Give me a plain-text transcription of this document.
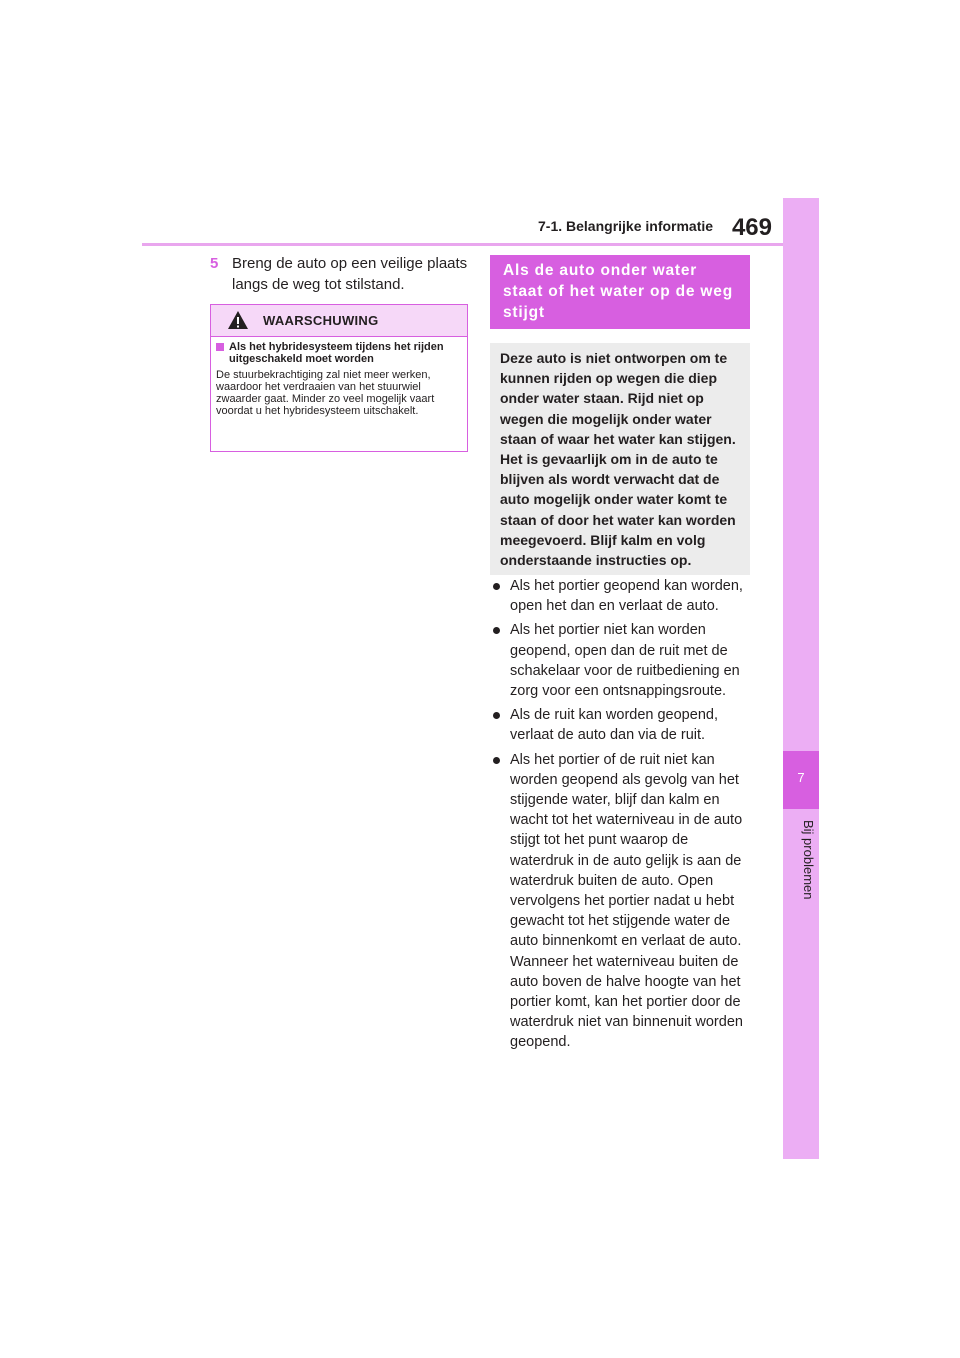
7-1. Belangrijke informatie 469
7
Bij problemen
5 Breng de auto op een veilige plaats langs de weg tot stilstand.
WAARSCHUWING
Als het hybridesysteem tijdens het rijden uitgeschakeld moet worden

De stuurbekrachtiging zal niet meer werken, waardoor het verdraaien van het stuurwiel zwaarder gaat. Minder zo veel mogelijk vaart voordat u het hybridesysteem uitschakelt.

Als de auto onder water staat of het water op de weg stijgt
Deze auto is niet ontworpen om te kunnen rijden op wegen die diep onder water staan. Rijd niet op wegen die mogelijk onder water staan of waar het water kan stijgen. Het is gevaarlijk om in de auto te blijven als wordt verwacht dat de auto mogelijk onder water komt te staan of door het water kan worden meegevoerd. Blijf kalm en volg onderstaande instructies op.
Als het portier geopend kan worden, open het dan en verlaat de auto.
Als het portier niet kan worden geopend, open dan de ruit met de schakelaar voor de ruitbediening en zorg voor een ontsnappingsroute.
Als de ruit kan worden geopend, verlaat de auto dan via de ruit.
Als het portier of de ruit niet kan worden geopend als gevolg van het stijgende water, blijf dan kalm en wacht tot het waterniveau in de auto stijgt tot het punt waarop de waterdruk in de auto gelijk is aan de waterdruk buiten de auto. Open vervolgens het portier nadat u hebt gewacht tot het stijgende water de auto binnenkomt en verlaat de auto. Wanneer het waterniveau buiten de auto boven de halve hoogte van het portier komt, kan het portier door de waterdruk niet van binnenuit worden geopend.
